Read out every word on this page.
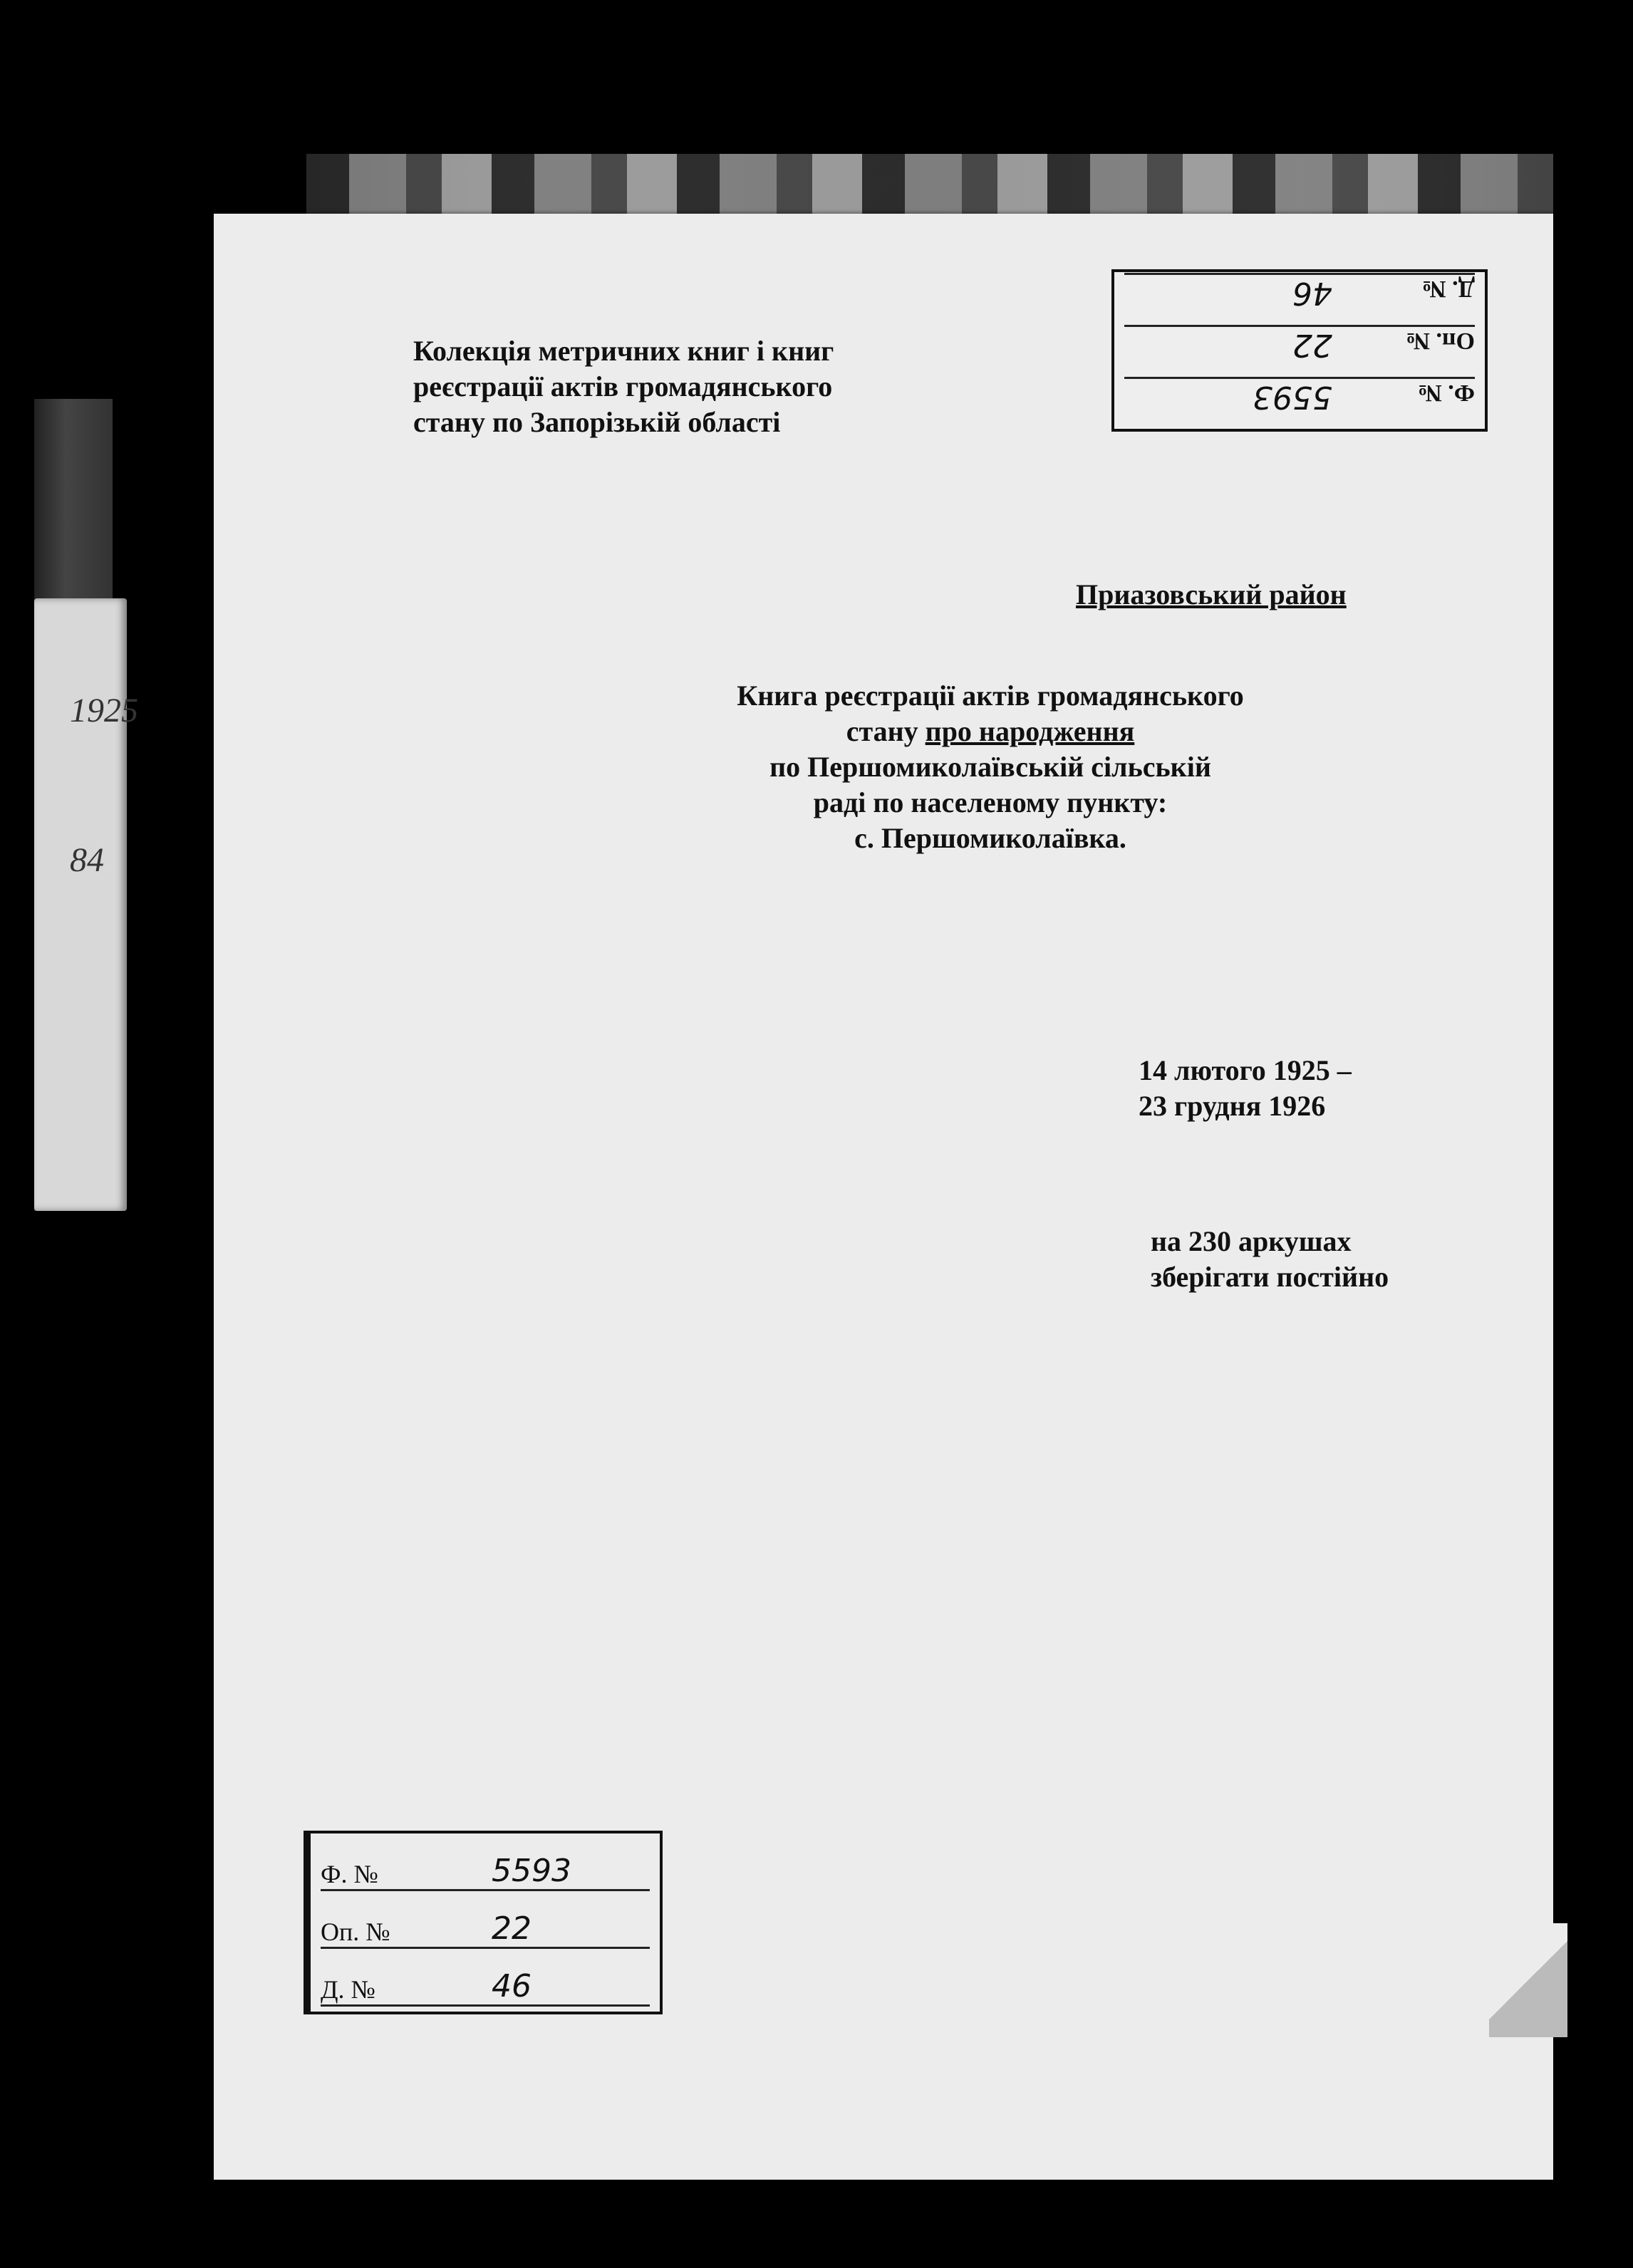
1925
84
Ф. №
5593
Оп. №
22
Д. №
46
Колекція метричних книг і книг
реєстрації актів громадянського
стану по Запорізькій області
Приазовський район
Книга реєстрації актів громадянського
стану про народження
по Першомиколаївській сільській
раді по населеному пункту:
с. Першомиколаївка.
14 лютого 1925 –
23 грудня 1926
на 230 аркушах
зберігати постійно
Ф. №	5593
Оп. №	22
Д. №	46
